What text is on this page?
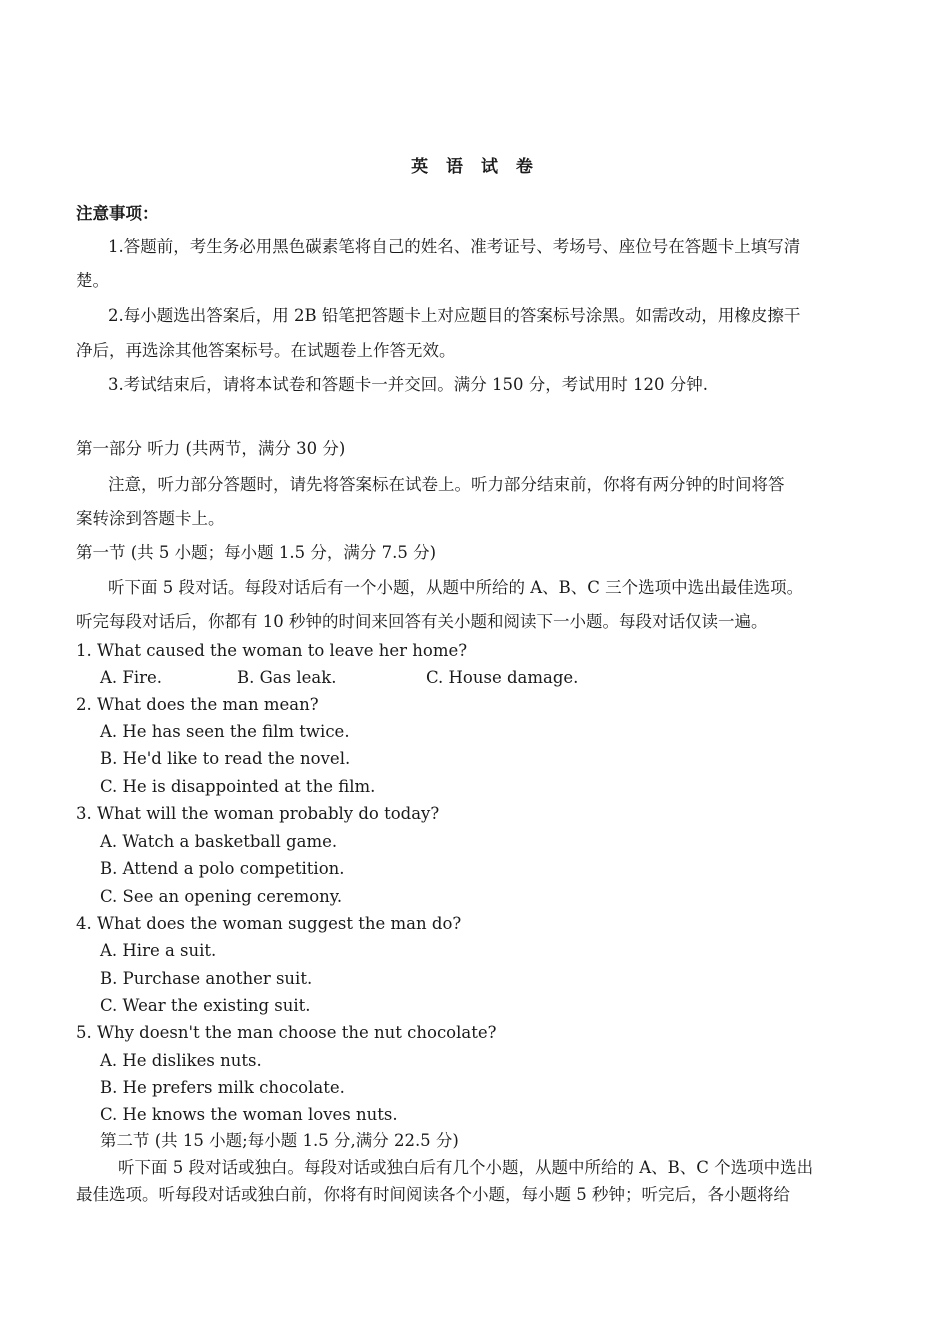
英 语 试 卷
注意事项：
1.答题前，考生务必用黑色碳素笔将自己的姓名、准考证号、考场号、座位号在答题卡上填写清
楚。
2.每小题选出答案后，用 2B 铅笔把答题卡上对应题目的答案标号涂黑。如需改动，用橡皮擦干
净后，再选涂其他答案标号。在试题卷上作答无效。
3.考试结束后，请将本试卷和答题卡一并交回。满分 150 分，考试用时 120 分钟.
第一部分 听力 (共两节，满分 30 分)
注意，听力部分答题时，请先将答案标在试卷上。听力部分结束前，你将有两分钟的时间将答
案转涂到答题卡上。
第一节 (共 5 小题；每小题 1.5 分，满分 7.5 分)
听下面 5 段对话。每段对话后有一个小题，从题中所给的 A、B、C 三个选项中选出最佳选项。
听完每段对话后，你都有 10 秒钟的时间来回答有关小题和阅读下一小题。每段对话仅读一遍。
1. What caused the woman to leave her home?
A. Fire.	B. Gas leak.	C. House damage.
2. What does the man mean?
A. He has seen the film twice.
B. He'd like to read the novel.
C. He is disappointed at the film.
3. What will the woman probably do today?
A. Watch a basketball game.
B. Attend a polo competition.
C. See an opening ceremony.
4. What does the woman suggest the man do?
A. Hire a suit.
B. Purchase another suit.
C. Wear the existing suit.
5. Why doesn't the man choose the nut chocolate?
A. He dislikes nuts.
B. He prefers milk chocolate.
C. He knows the woman loves nuts.
第二节 (共 15 小题;每小题 1.5 分,满分 22.5 分)
听下面 5 段对话或独白。每段对话或独白后有几个小题，从题中所给的 A、B、C 个选项中选出
最佳选项。听每段对话或独白前，你将有时间阅读各个小题，每小题 5 秒钟；听完后，各小题将给
